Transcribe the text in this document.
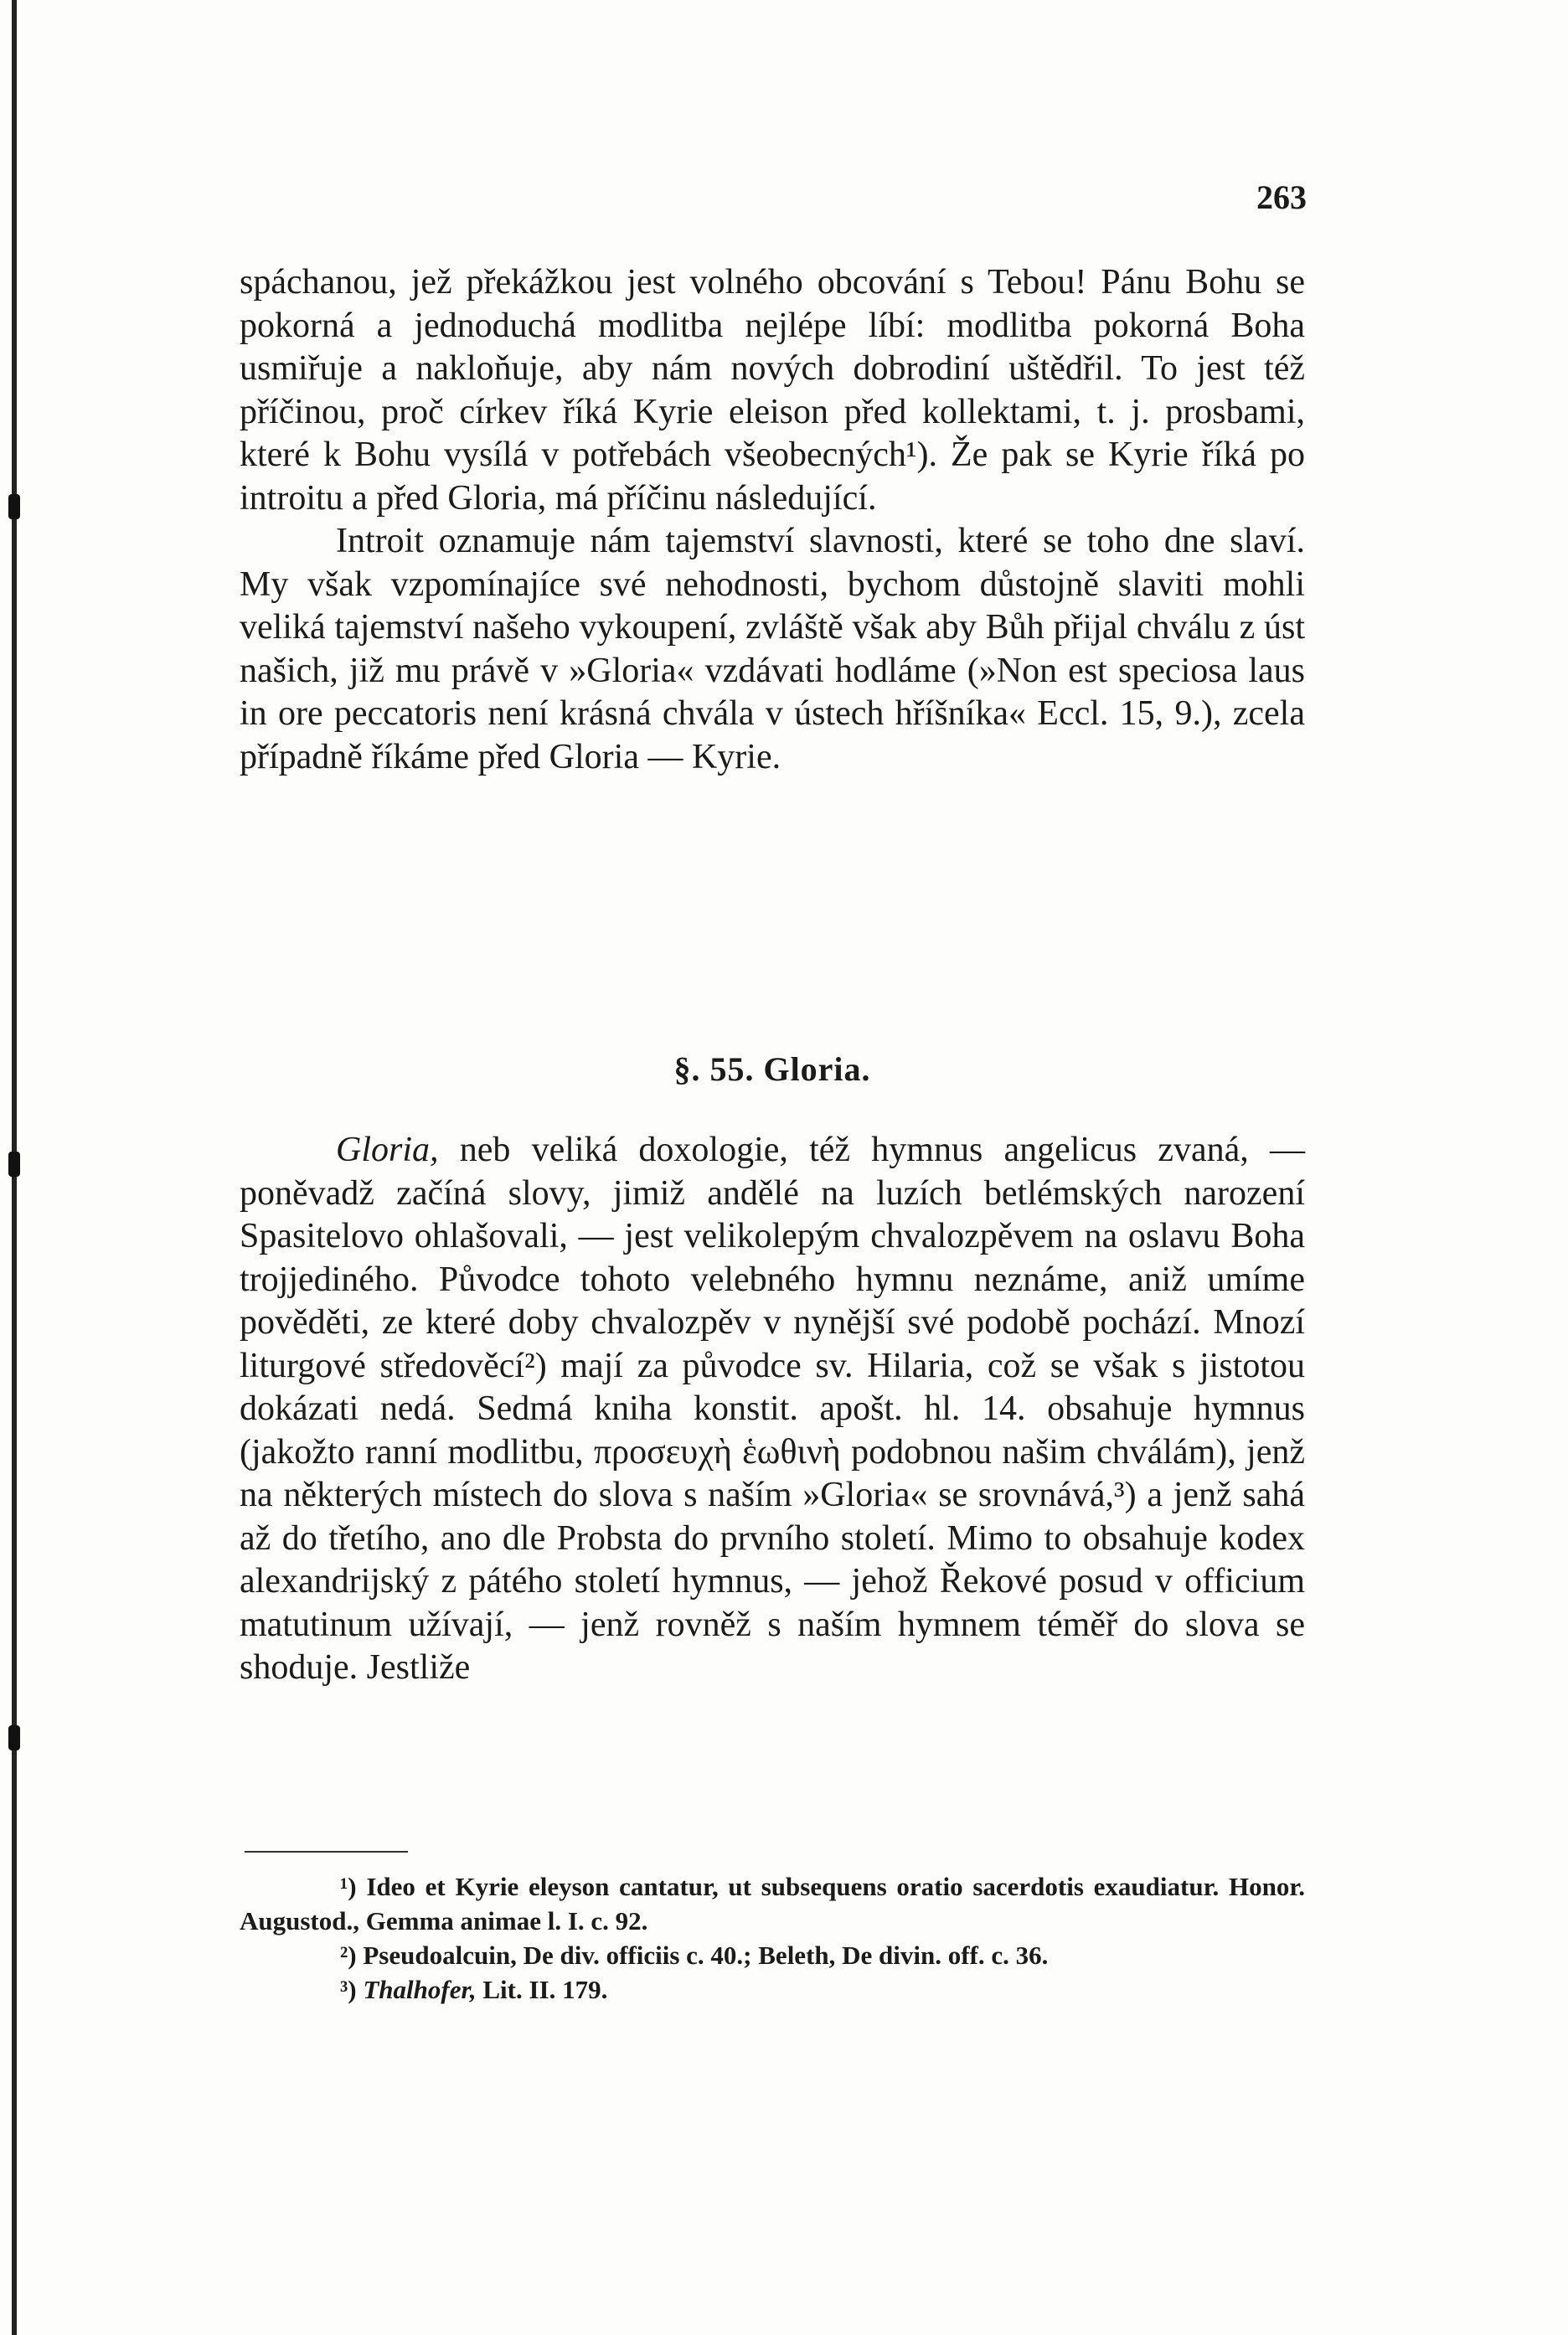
263

spáchanou, jež překážkou jest volného obcování s Tebou! Pánu Bohu se pokorná a jednoduchá modlitba nejlépe líbí: modlitba pokorná Boha usmiřuje a nakloňuje, aby nám nových dobrodiní uštědřil. To jest též příčinou, proč církev říká Kyrie eleison před kollektami, t. j. prosbami, které k Bohu vysílá v potřebách všeobecných¹). Že pak se Kyrie říká po introitu a před Gloria, má příčinu následující.

Introit oznamuje nám tajemství slavnosti, které se toho dne slaví. My však vzpomínajíce své nehodnosti, bychom důstojně slaviti mohli veliká tajemství našeho vykoupení, zvláště však aby Bůh přijal chválu z úst našich, již mu právě v »Gloria« vzdávati hodláme (»Non est speciosa laus in ore peccatoris není krásná chvála v ústech hříšníka« Eccl. 15, 9.), zcela případně říkáme před Gloria — Kyrie.

§. 55. Gloria.

Gloria, neb veliká doxologie, též hymnus angelicus zvaná, — poněvadž začíná slovy, jimiž andělé na luzích betlémských narození Spasitelovo ohlašovali, — jest velikolepým chvalozpěvem na oslavu Boha trojjediného. Původce tohoto velebného hymnu neznáme, aniž umíme pověděti, ze které doby chvalozpěv v nynější své podobě pochází. Mnozí liturgové středověcí²) mají za původce sv. Hilaria, což se však s jistotou dokázati nedá. Sedmá kniha konstit. apošt. hl. 14. obsahuje hymnus (jakožto ranní modlitbu, προσευχὴ ἑωθινὴ podobnou našim chválám), jenž na některých místech do slova s naším »Gloria« se srovnává,³) a jenž sahá až do třetího, ano dle Probsta do prvního století. Mimo to obsahuje kodex alexandrijský z pátého století hymnus, — jehož Řekové posud v officium matutinum užívají, — jenž rovněž s naším hymnem téměř do slova se shoduje. Jestliže

¹) Ideo et Kyrie eleyson cantatur, ut subsequens oratio sacerdotis exaudiatur. Honor. Augustod., Gemma animae l. I. c. 92.

²) Pseudoalcuin, De div. officiis c. 40.; Beleth, De divin. off. c. 36.

³) Thalhofer, Lit. II. 179.
